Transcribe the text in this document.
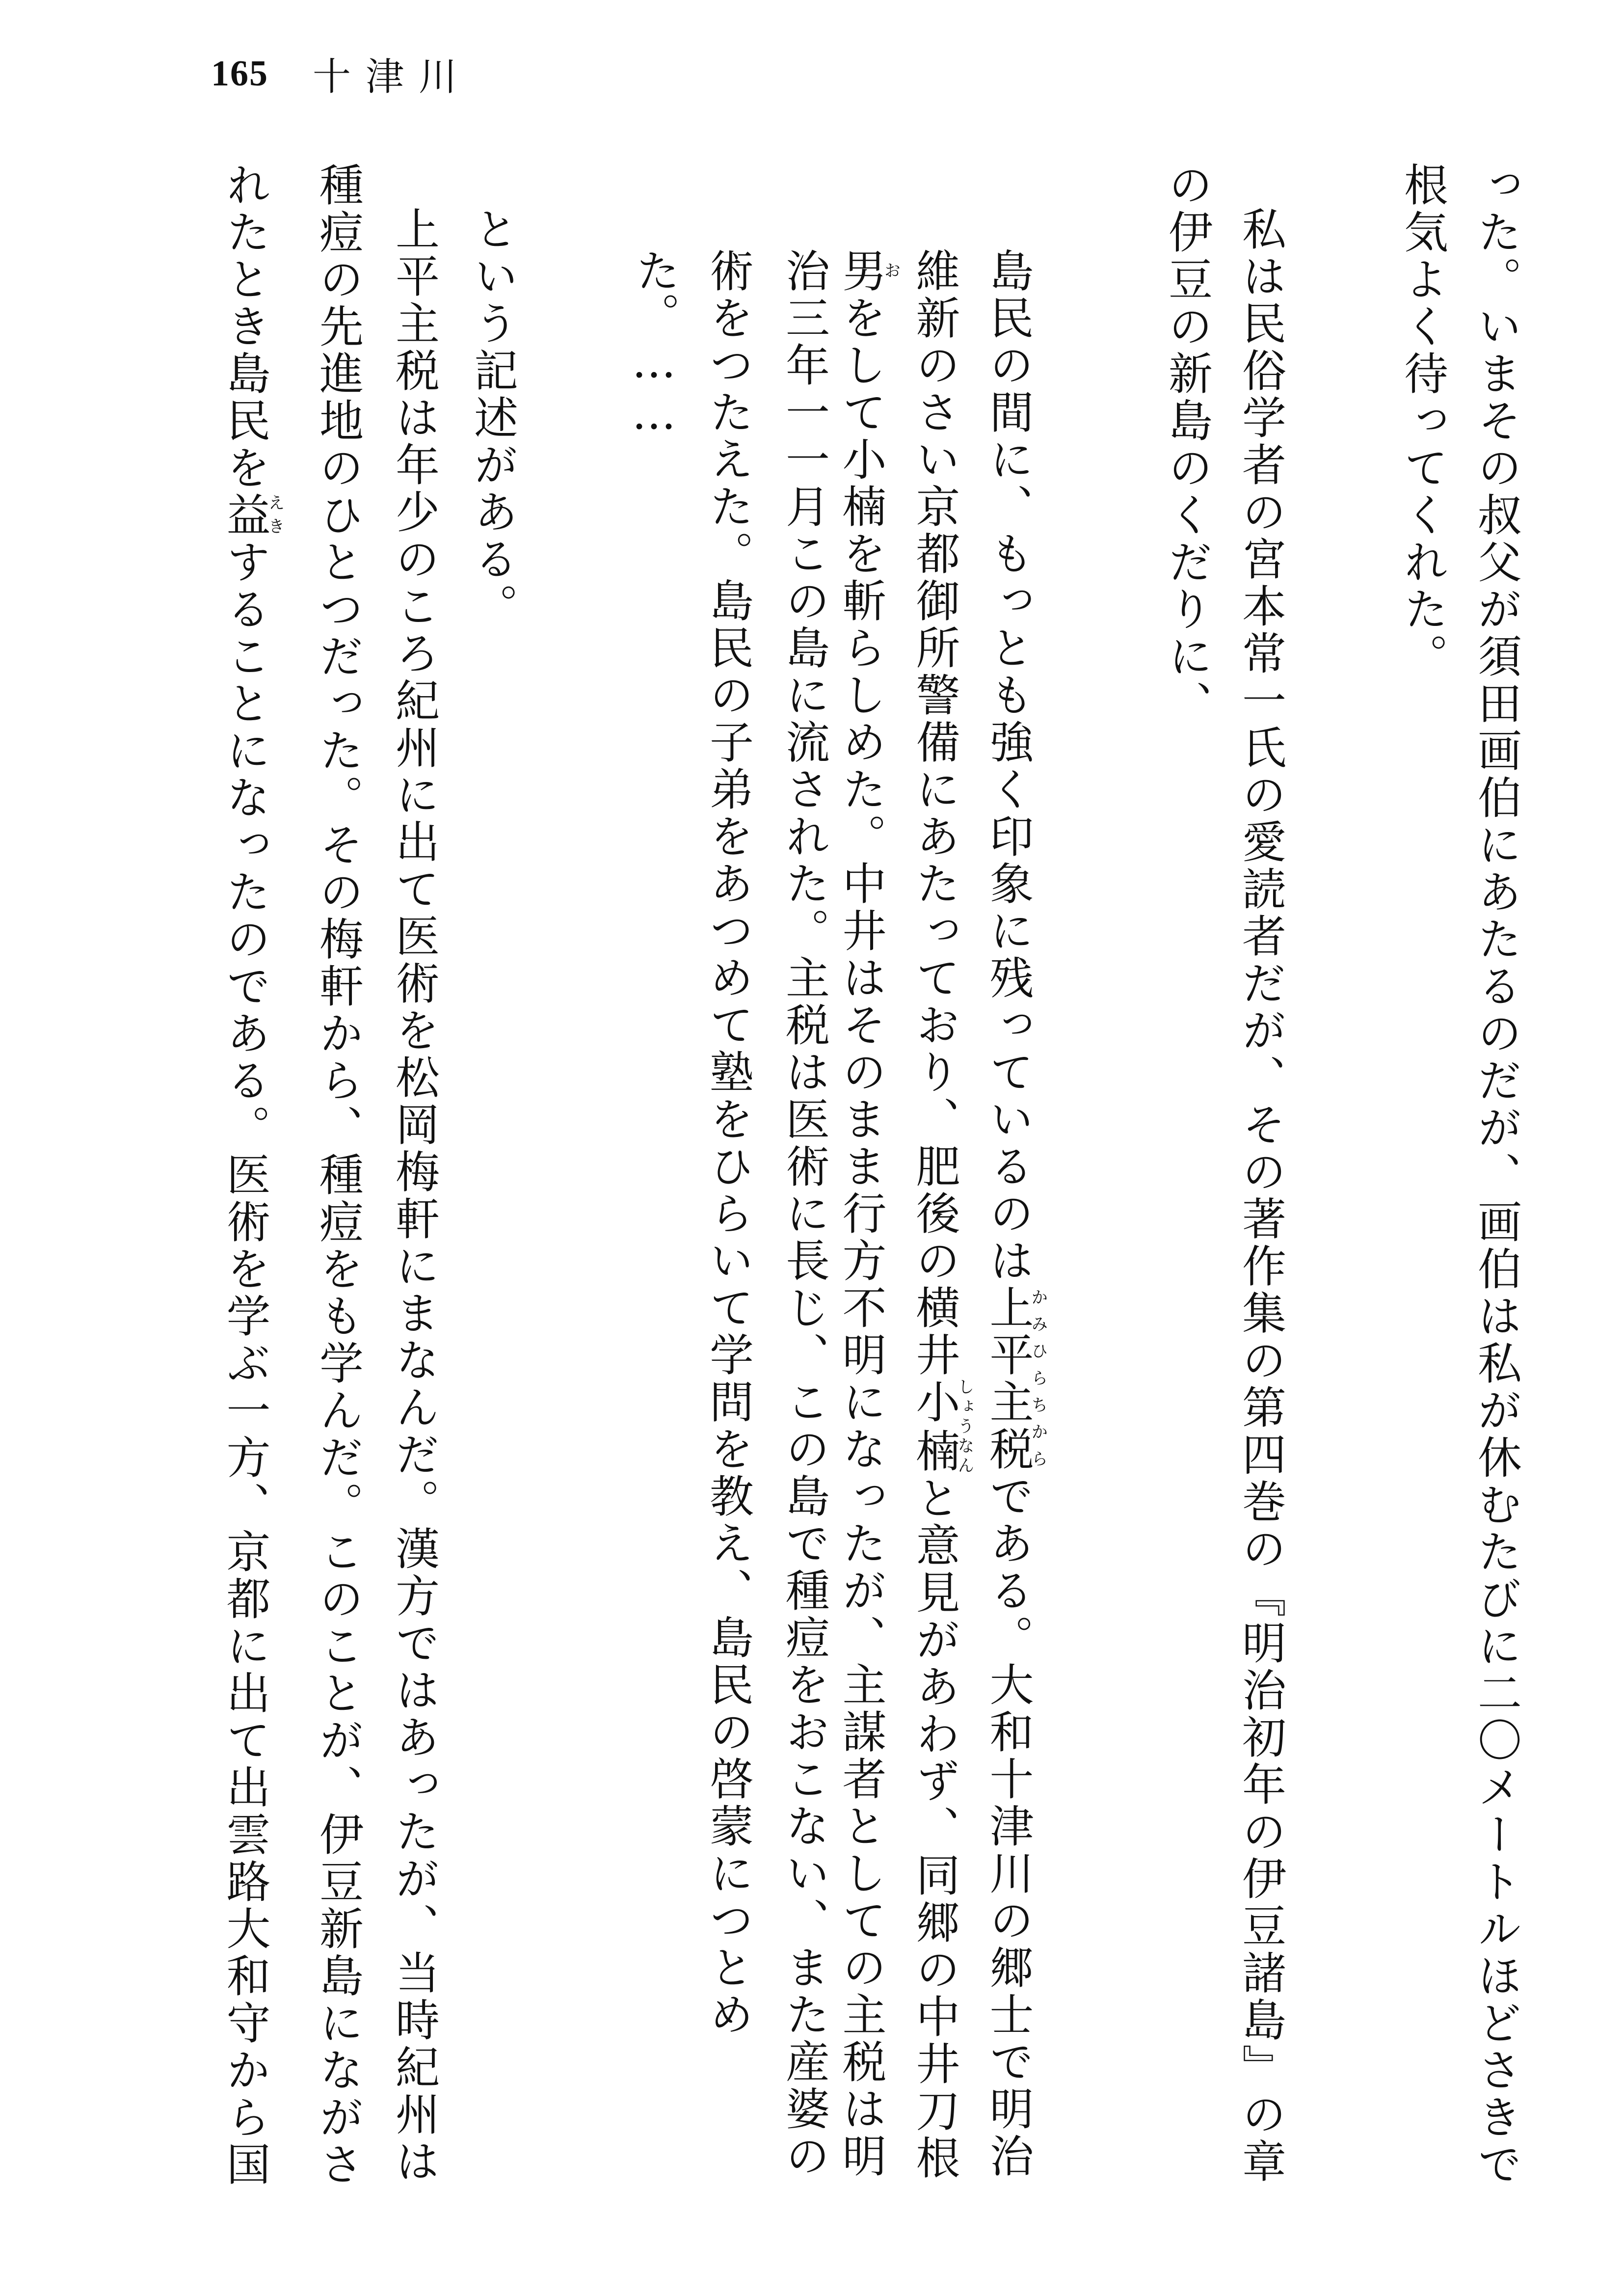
165 十津川
った。いまその叔父が須田画伯にあたるのだが、画伯は私が休むたびに二〇メートルほどさきで
根気よく待ってくれた。
私は民俗学者の宮本常一氏の愛読者だが、その著作集の第四巻の『明治初年の伊豆諸島』の章
の伊豆の新島のくだりに、
島民の間に、もっとも強く印象に残っているのは上平主税かみひらちからである。大和十津川の郷士で明治
維新のさい京都御所警備にあたっており、肥後の横井小楠しょうなんと意見があわず、同郷の中井刀根
男おをして小楠を斬らしめた。中井はそのまま行方不明になったが、主謀者としての主税は明
治三年一一月この島に流された。主税は医術に長じ、この島で種痘をおこない、また産婆の
術をつたえた。島民の子弟をあつめて塾をひらいて学問を教え、島民の啓蒙につとめ
た。……
という記述がある。
上平主税は年少のころ紀州に出て医術を松岡梅軒にまなんだ。漢方ではあったが、当時紀州は
種痘の先進地のひとつだった。その梅軒から、種痘をも学んだ。このことが、伊豆新島にながさ
れたとき島民を益えきすることになったのである。医術を学ぶ一方、京都に出て出雲路大和守から国
